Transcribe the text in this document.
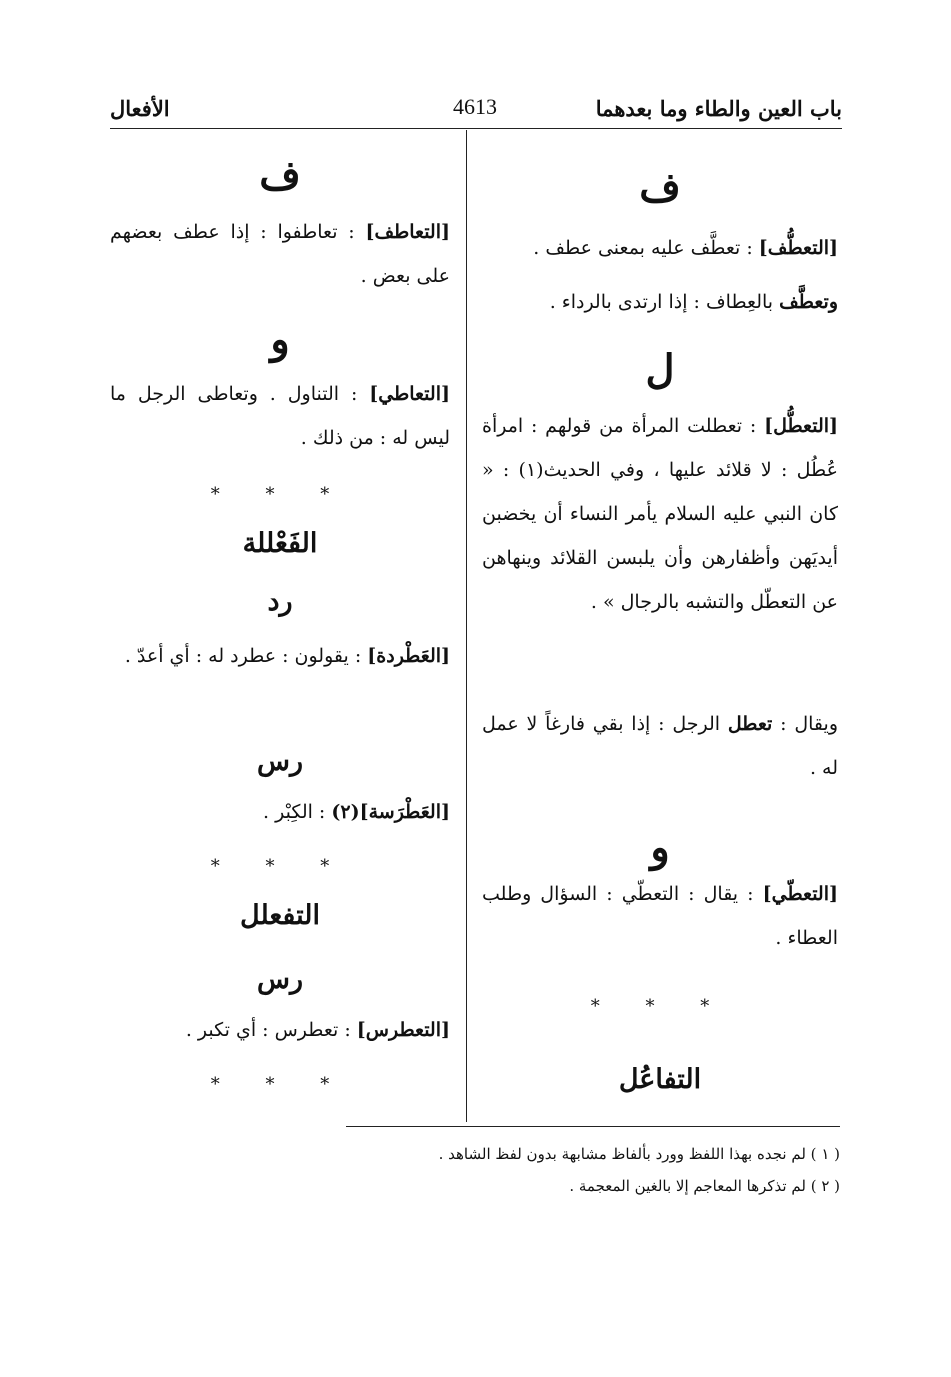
باب العين والطاء وما بعدهما
4613
الأفعال
ف
[التعطُّف] : تعطَّف عليه بمعنى عطف .
وتعطَّف بالعِطاف : إذا ارتدى بالرداء .
ل
[التعطُّل] : تعطلت المرأة من قولهم : امرأة عُطُل : لا قلائد عليها ، وفي الحديث(١) : « كان النبي عليه السلام يأمر النساء أن يخضبن أيديَهن وأظفارهن وأن يلبسن القلائد وينهاهن عن التعطّل والتشبه بالرجال » .
ويقال : تعطل الرجل : إذا بقي فارغاً لا عمل له .
و
[التعطّي] : يقال : التعطّي : السؤال وطلب العطاء .
* * *
التفاعُل
ف
[التعاطف] : تعاطفوا : إذا عطف بعضهم على بعض .
و
[التعاطي] : التناول . وتعاطى الرجل ما ليس له : من ذلك .
* * *
الفَعْللة
رد
[العَطْردة] : يقولون : عطرد له : أي أعدّ .
رس
[العَطْرَسة](٢) : الكِبْر .
* * *
التفعلل
رس
[التعطرس] : تعطرس : أي تكبر .
* * *
( ١ ) لم نجده بهذا اللفظ وورد بألفاظ مشابهة بدون لفظ الشاهد .
( ٢ ) لم تذكرها المعاجم إلا بالغين المعجمة .
